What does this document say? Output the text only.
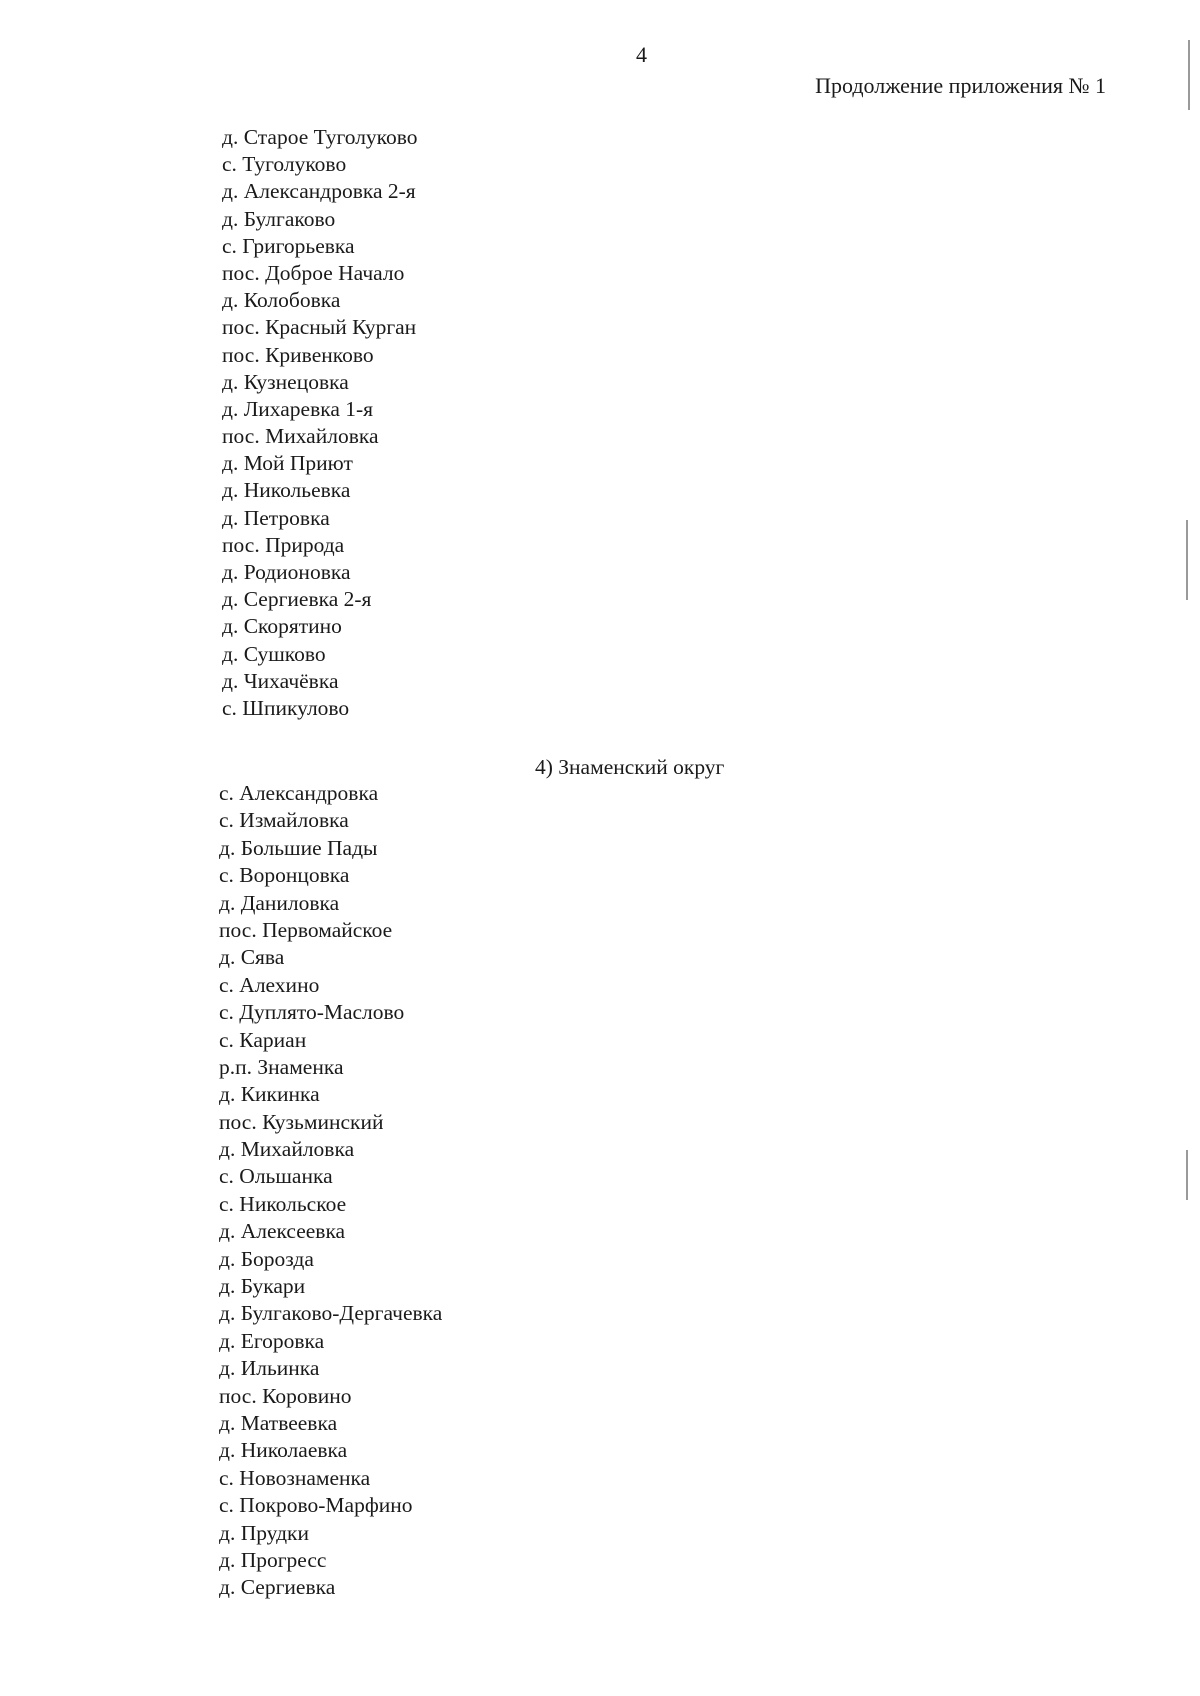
4
Продолжение приложения № 1
д. Старое Туголуково
с. Туголуково
д. Александровка 2-я
д. Булгаково
с. Григорьевка
пос. Доброе Начало
д. Колобовка
пос. Красный Курган
пос. Кривенково
д. Кузнецовка
д. Лихаревка 1-я
пос. Михайловка
д. Мой Приют
д. Никольевка
д. Петровка
пос. Природа
д. Родионовка
д. Сергиевка 2-я
д. Скорятино
д. Сушково
д. Чихачёвка
с. Шпикулово
4) Знаменский округ
с. Александровка
с. Измайловка
д. Большие Пады
с. Воронцовка
д. Даниловка
пос. Первомайское
д. Сява
с. Алехино
с. Дуплято-Маслово
с. Кариан
р.п. Знаменка
д. Кикинка
пос. Кузьминский
д. Михайловка
с. Ольшанка
с. Никольское
д. Алексеевка
д. Борозда
д. Букари
д. Булгаково-Дергачевка
д. Егоровка
д. Ильинка
пос. Коровино
д. Матвеевка
д. Николаевка
с. Новознаменка
с. Покрово-Марфино
д. Прудки
д. Прогресс
д. Сергиевка
